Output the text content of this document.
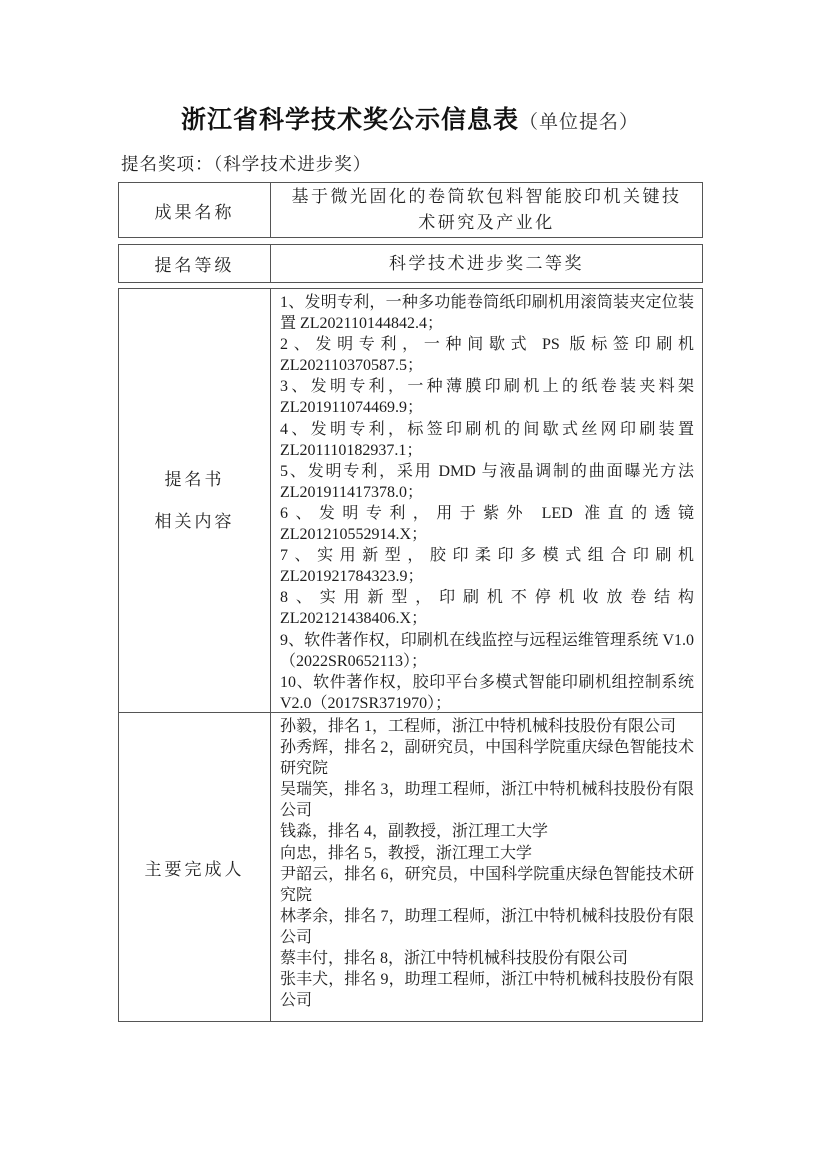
浙江省科学技术奖公示信息表（单位提名）
提名奖项：（科学技术进步奖）
成果名称
基于微光固化的卷筒软包料智能胶印机关键技术研究及产业化
提名等级	科学技术进步奖二等奖
提名书
相关内容
1、发明专利，一种多功能卷筒纸印刷机用滚筒装夹定位装置 ZL202110144842.4；
2、发明专利，一种间歇式 PS 版标签印刷机 ZL202110370587.5；
3、发明专利，一种薄膜印刷机上的纸卷装夹料架 ZL201911074469.9；
4、发明专利，标签印刷机的间歇式丝网印刷装置 ZL201110182937.1；
5、发明专利，采用 DMD 与液晶调制的曲面曝光方法 ZL201911417378.0；
6、发明专利，用于紫外 LED 准直的透镜 ZL201210552914.X；
7、实用新型，胶印柔印多模式组合印刷机 ZL201921784323.9；
8、实用新型，印刷机不停机收放卷结构 ZL202121438406.X；
9、软件著作权，印刷机在线监控与远程运维管理系统 V1.0（2022SR0652113）；
10、软件著作权，胶印平台多模式智能印刷机组控制系统 V2.0（2017SR371970）；
主要完成人
孙毅，排名 1，工程师，浙江中特机械科技股份有限公司
孙秀辉，排名 2，副研究员，中国科学院重庆绿色智能技术研究院
吴瑞笑，排名 3，助理工程师，浙江中特机械科技股份有限公司
钱淼，排名 4，副教授，浙江理工大学
向忠，排名 5，教授，浙江理工大学
尹韶云，排名 6，研究员，中国科学院重庆绿色智能技术研究院
林孝余，排名 7，助理工程师，浙江中特机械科技股份有限公司
蔡丰付，排名 8，浙江中特机械科技股份有限公司
张丰犬，排名 9，助理工程师，浙江中特机械科技股份有限公司
